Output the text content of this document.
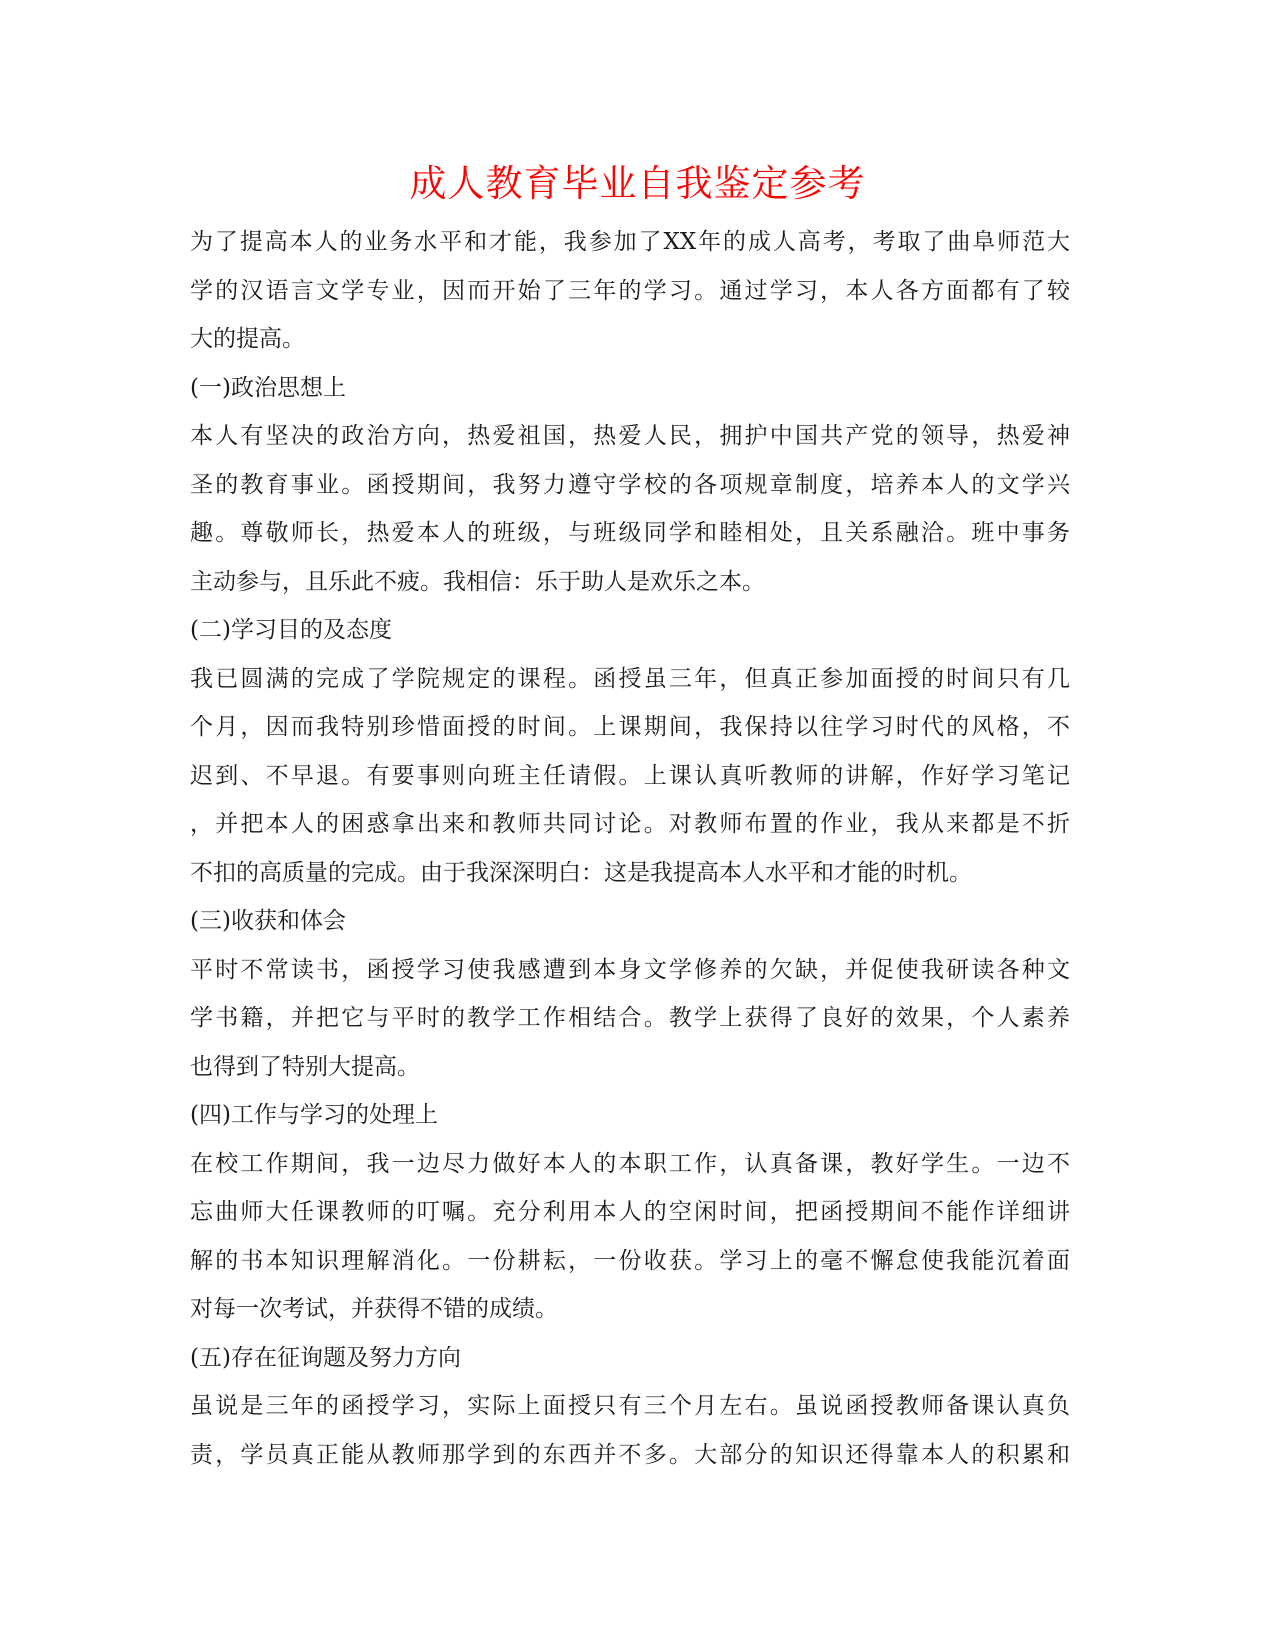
成人教育毕业自我鉴定参考
为了提高本人的业务水平和才能，我参加了XX年的成人高考，考取了曲阜师范大
学的汉语言文学专业，因而开始了三年的学习。通过学习，本人各方面都有了较
大的提高。
(一)政治思想上
本人有坚决的政治方向，热爱祖国，热爱人民，拥护中国共产党的领导，热爱神
圣的教育事业。函授期间，我努力遵守学校的各项规章制度，培养本人的文学兴
趣。尊敬师长，热爱本人的班级，与班级同学和睦相处，且关系融洽。班中事务
主动参与，且乐此不疲。我相信：乐于助人是欢乐之本。
(二)学习目的及态度
我已圆满的完成了学院规定的课程。函授虽三年，但真正参加面授的时间只有几
个月，因而我特别珍惜面授的时间。上课期间，我保持以往学习时代的风格，不
迟到、不早退。有要事则向班主任请假。上课认真听教师的讲解，作好学习笔记
，并把本人的困惑拿出来和教师共同讨论。对教师布置的作业，我从来都是不折
不扣的高质量的完成。由于我深深明白：这是我提高本人水平和才能的时机。
(三)收获和体会
平时不常读书，函授学习使我感遭到本身文学修养的欠缺，并促使我研读各种文
学书籍，并把它与平时的教学工作相结合。教学上获得了良好的效果，个人素养
也得到了特别大提高。
(四)工作与学习的处理上
在校工作期间，我一边尽力做好本人的本职工作，认真备课，教好学生。一边不
忘曲师大任课教师的叮嘱。充分利用本人的空闲时间，把函授期间不能作详细讲
解的书本知识理解消化。一份耕耘，一份收获。学习上的毫不懈怠使我能沉着面
对每一次考试，并获得不错的成绩。
(五)存在征询题及努力方向
虽说是三年的函授学习，实际上面授只有三个月左右。虽说函授教师备课认真负
责，学员真正能从教师那学到的东西并不多。大部分的知识还得靠本人的积累和
